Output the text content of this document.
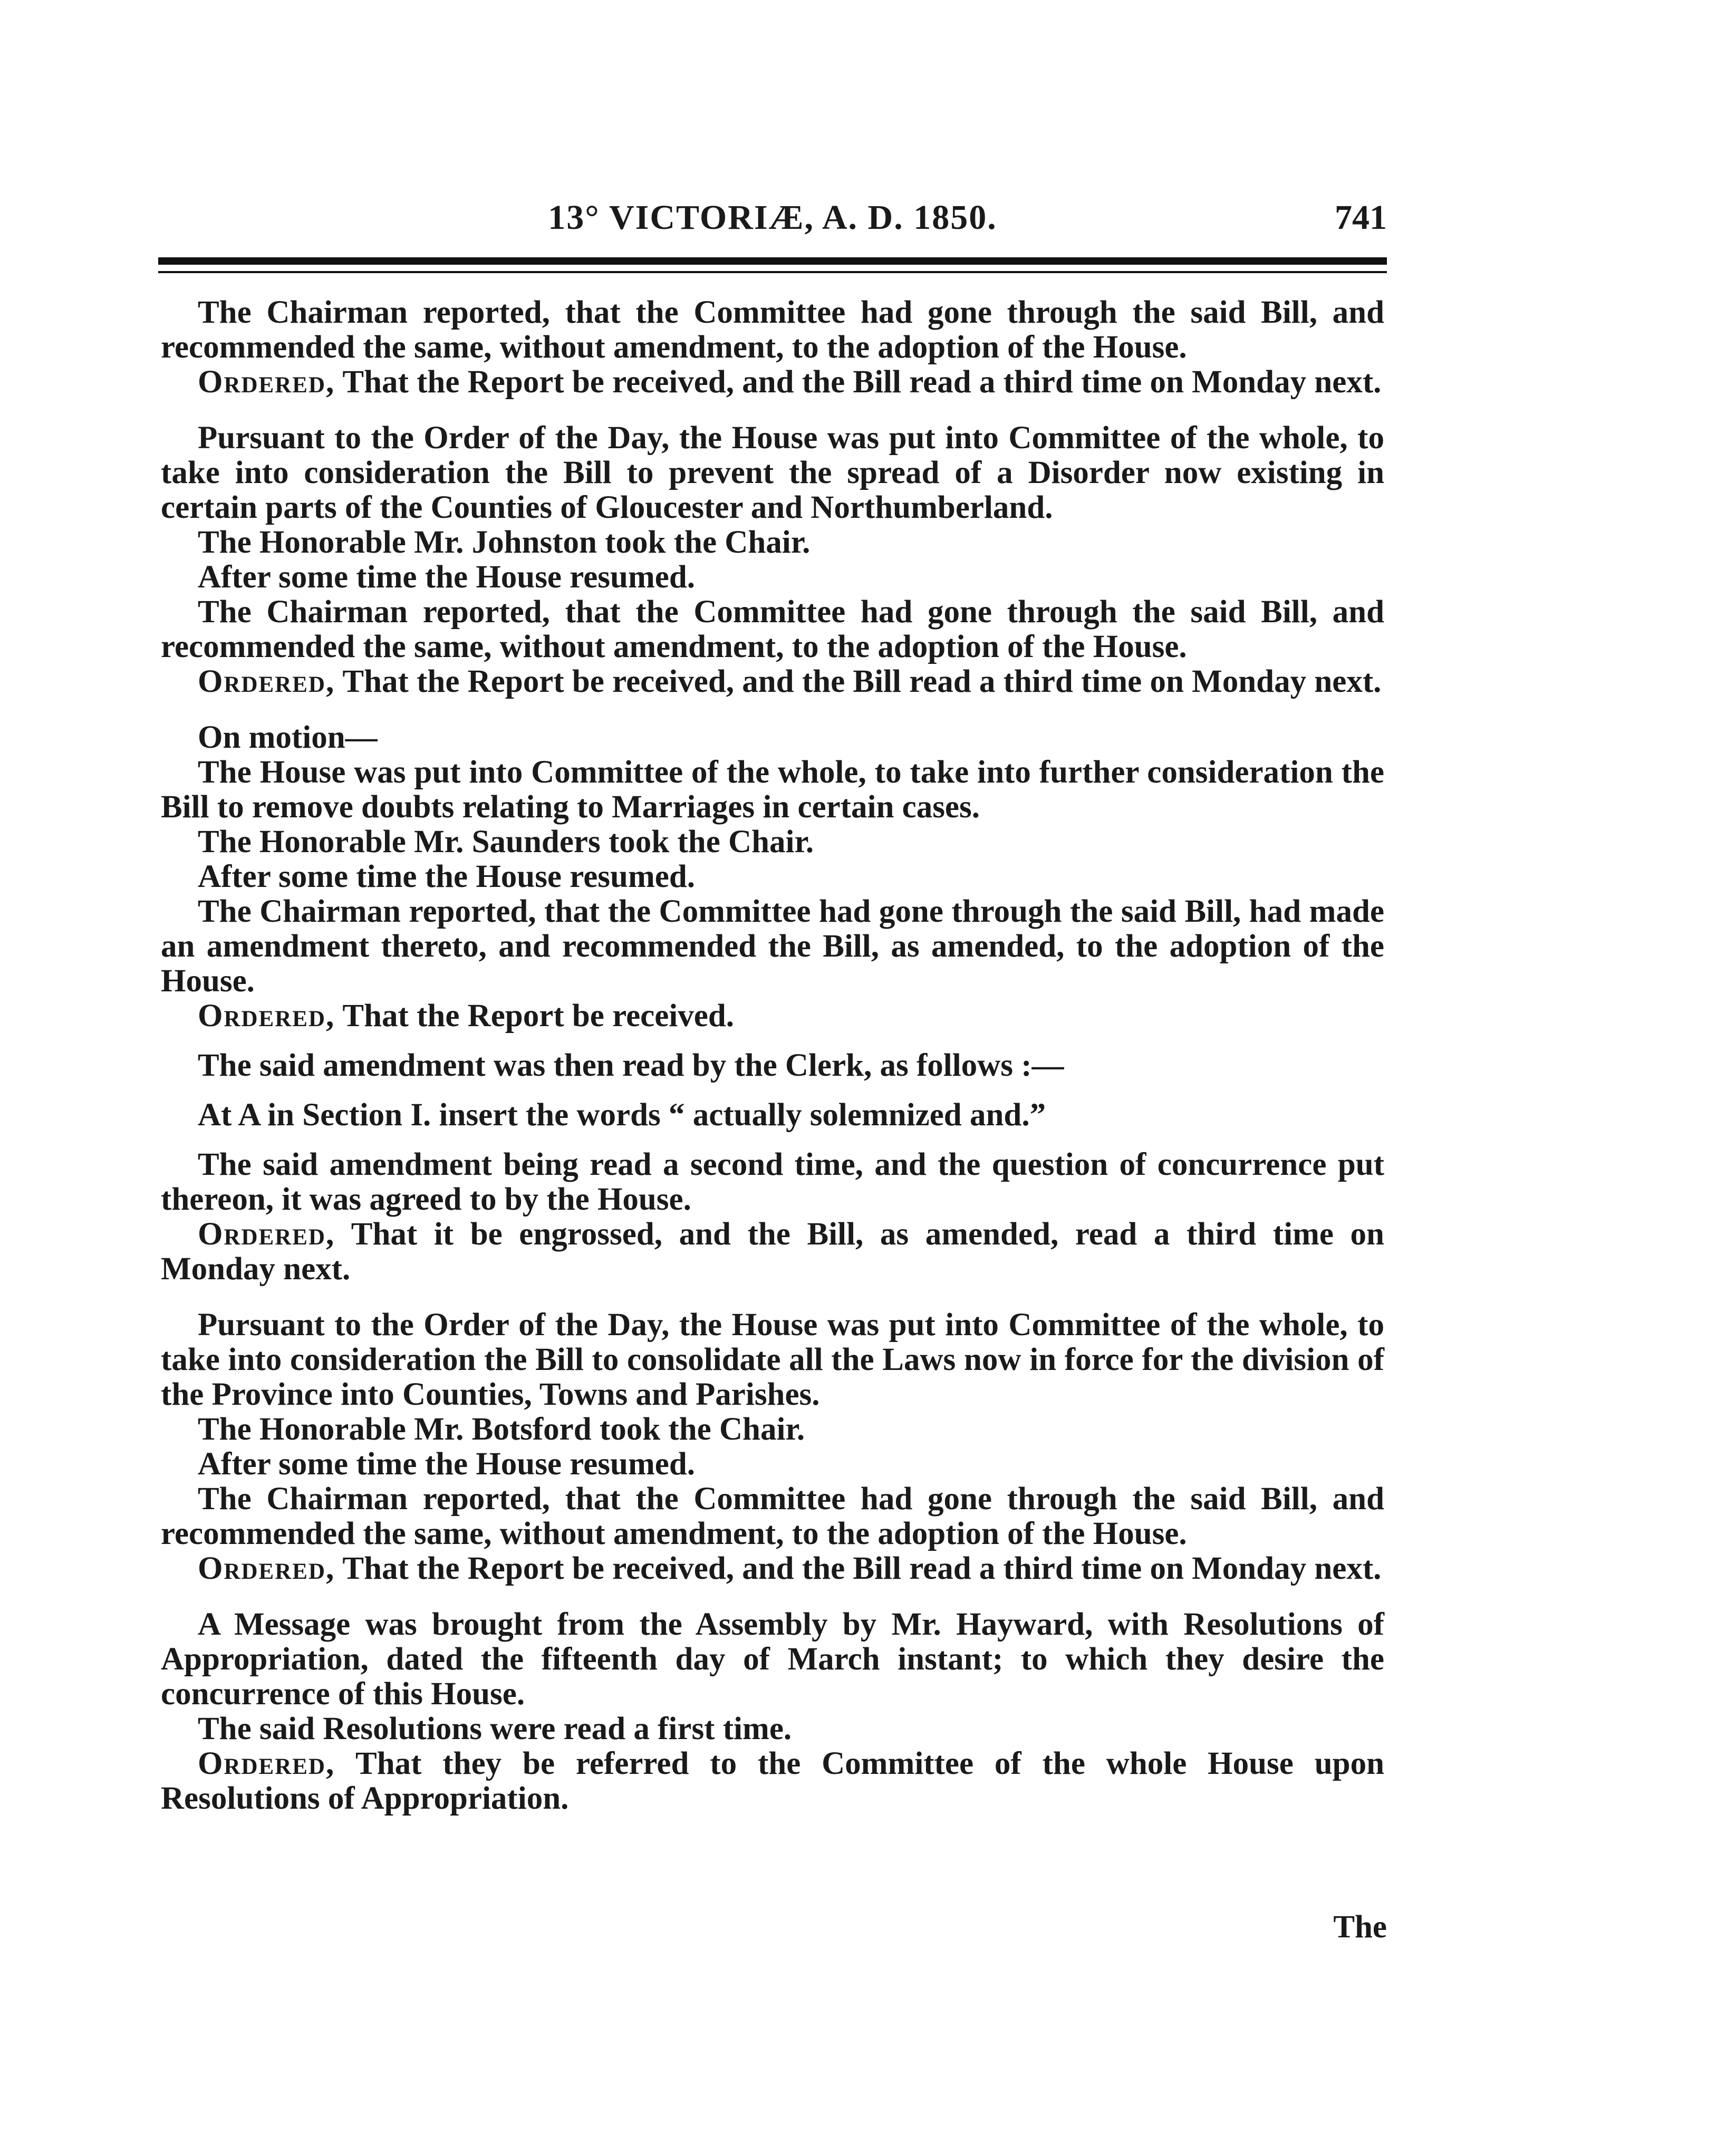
13° VICTORIÆ, A. D. 1850.	741

The Chairman reported, that the Committee had gone through the said Bill, and recommended the same, without amendment, to the adoption of the House.

Ordered, That the Report be received, and the Bill read a third time on Monday next.

Pursuant to the Order of the Day, the House was put into Committee of the whole, to take into consideration the Bill to prevent the spread of a Disorder now existing in certain parts of the Counties of Gloucester and Northumberland.

The Honorable Mr. Johnston took the Chair.

After some time the House resumed.

The Chairman reported, that the Committee had gone through the said Bill, and recommended the same, without amendment, to the adoption of the House.

Ordered, That the Report be received, and the Bill read a third time on Monday next.

On motion—

The House was put into Committee of the whole, to take into further consideration the Bill to remove doubts relating to Marriages in certain cases.

The Honorable Mr. Saunders took the Chair.

After some time the House resumed.

The Chairman reported, that the Committee had gone through the said Bill, had made an amendment thereto, and recommended the Bill, as amended, to the adoption of the House.

Ordered, That the Report be received.

The said amendment was then read by the Clerk, as follows :—

At A in Section I. insert the words “ actually solemnized and.”

The said amendment being read a second time, and the question of concurrence put thereon, it was agreed to by the House.

Ordered, That it be engrossed, and the Bill, as amended, read a third time on Monday next.

Pursuant to the Order of the Day, the House was put into Committee of the whole, to take into consideration the Bill to consolidate all the Laws now in force for the division of the Province into Counties, Towns and Parishes.

The Honorable Mr. Botsford took the Chair.

After some time the House resumed.

The Chairman reported, that the Committee had gone through the said Bill, and recommended the same, without amendment, to the adoption of the House.

Ordered, That the Report be received, and the Bill read a third time on Monday next.

A Message was brought from the Assembly by Mr. Hayward, with Resolutions of Appropriation, dated the fifteenth day of March instant; to which they desire the concurrence of this House.

The said Resolutions were read a first time.

Ordered, That they be referred to the Committee of the whole House upon Resolutions of Appropriation.

The
